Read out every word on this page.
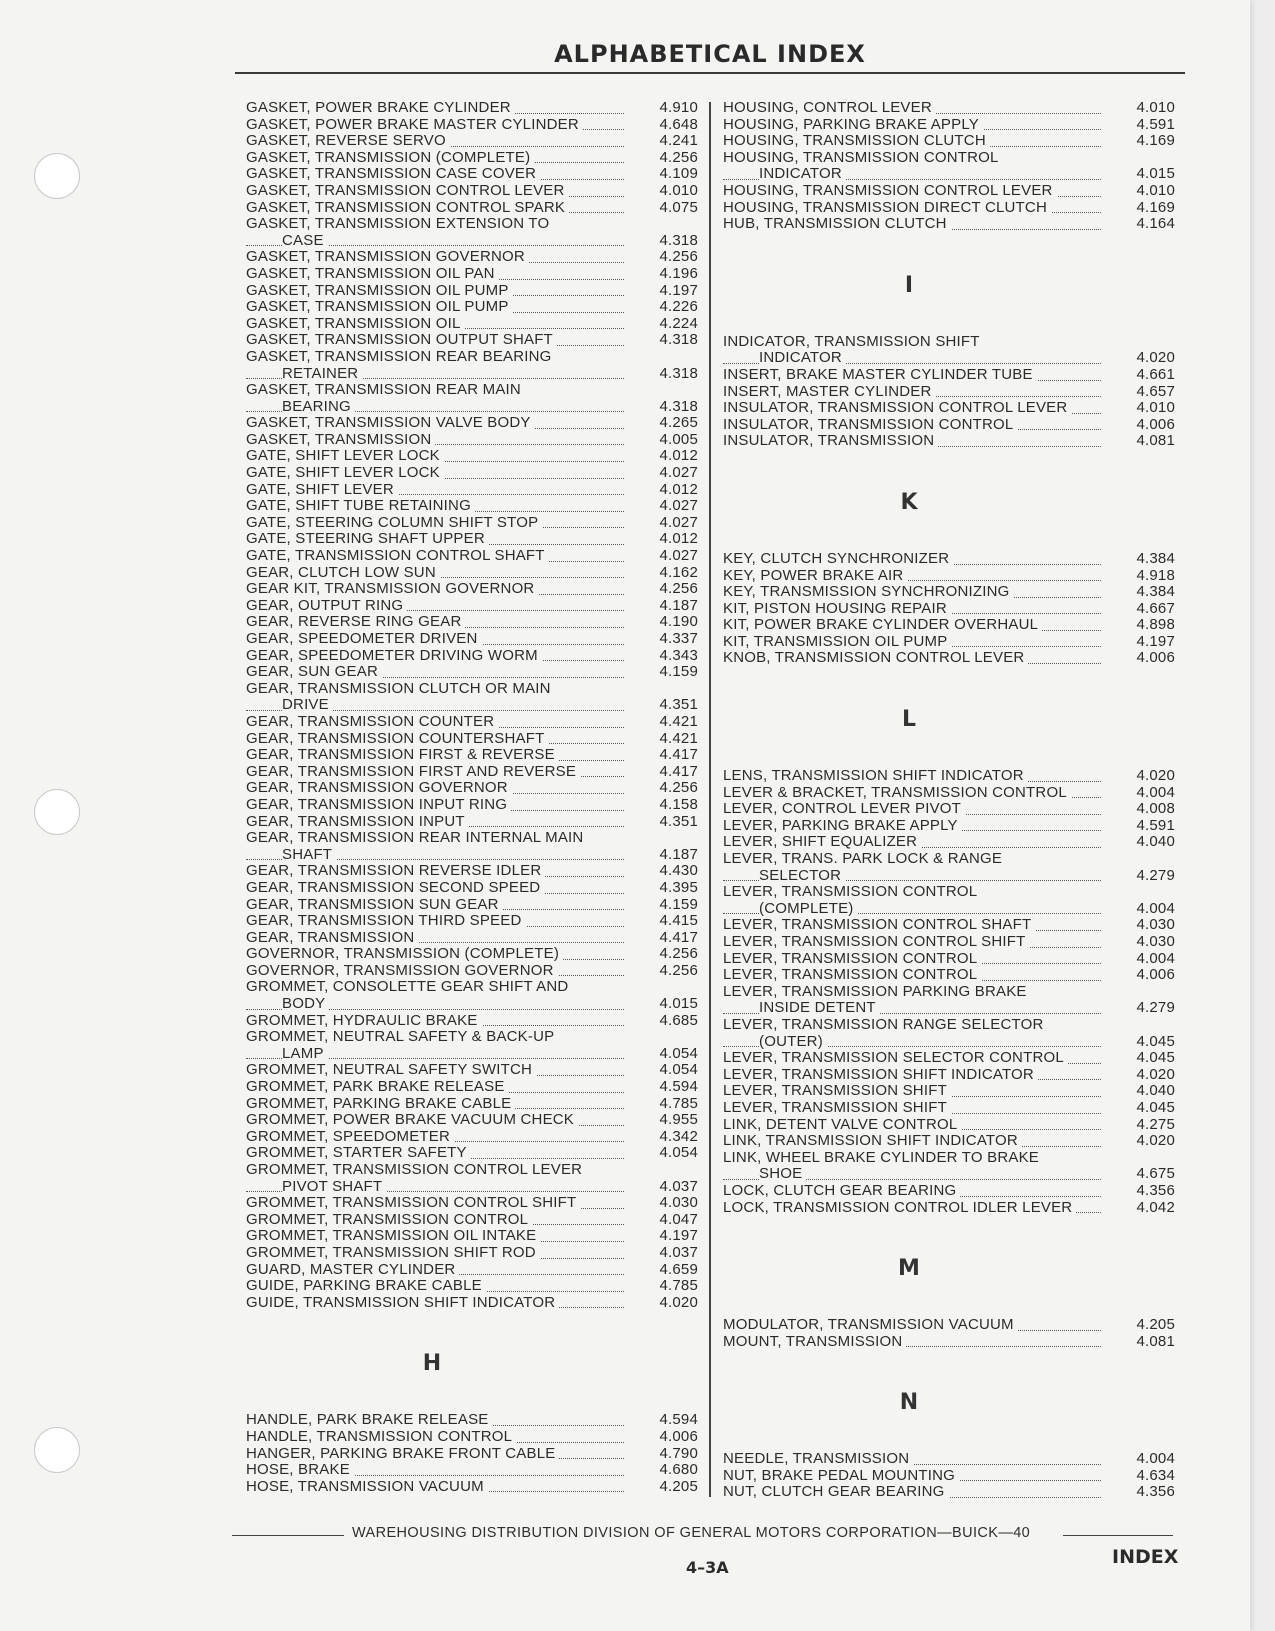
ALPHABETICAL INDEX
GASKET, POWER BRAKE CYLINDER	4.910
GASKET, POWER BRAKE MASTER CYLINDER	4.648
GASKET, REVERSE SERVO	4.241
GASKET, TRANSMISSION (COMPLETE)	4.256
GASKET, TRANSMISSION CASE COVER	4.109
GASKET, TRANSMISSION CONTROL LEVER	4.010
GASKET, TRANSMISSION CONTROL SPARK	4.075
GASKET, TRANSMISSION EXTENSION TO
CASE	4.318
GASKET, TRANSMISSION GOVERNOR	4.256
GASKET, TRANSMISSION OIL PAN	4.196
GASKET, TRANSMISSION OIL PUMP	4.197
GASKET, TRANSMISSION OIL PUMP	4.226
GASKET, TRANSMISSION OIL	4.224
GASKET, TRANSMISSION OUTPUT SHAFT	4.318
GASKET, TRANSMISSION REAR BEARING
RETAINER	4.318
GASKET, TRANSMISSION REAR MAIN
BEARING	4.318
GASKET, TRANSMISSION VALVE BODY	4.265
GASKET, TRANSMISSION	4.005
GATE, SHIFT LEVER LOCK	4.012
GATE, SHIFT LEVER LOCK	4.027
GATE, SHIFT LEVER	4.012
GATE, SHIFT TUBE RETAINING	4.027
GATE, STEERING COLUMN SHIFT STOP	4.027
GATE, STEERING SHAFT UPPER	4.012
GATE, TRANSMISSION CONTROL SHAFT	4.027
GEAR, CLUTCH LOW SUN	4.162
GEAR KIT, TRANSMISSION GOVERNOR	4.256
GEAR, OUTPUT RING	4.187
GEAR, REVERSE RING GEAR	4.190
GEAR, SPEEDOMETER DRIVEN	4.337
GEAR, SPEEDOMETER DRIVING WORM	4.343
GEAR, SUN GEAR	4.159
GEAR, TRANSMISSION CLUTCH OR MAIN
DRIVE	4.351
GEAR, TRANSMISSION COUNTER	4.421
GEAR, TRANSMISSION COUNTERSHAFT	4.421
GEAR, TRANSMISSION FIRST & REVERSE	4.417
GEAR, TRANSMISSION FIRST AND REVERSE	4.417
GEAR, TRANSMISSION GOVERNOR	4.256
GEAR, TRANSMISSION INPUT RING	4.158
GEAR, TRANSMISSION INPUT	4.351
GEAR, TRANSMISSION REAR INTERNAL MAIN
SHAFT	4.187
GEAR, TRANSMISSION REVERSE IDLER	4.430
GEAR, TRANSMISSION SECOND SPEED	4.395
GEAR, TRANSMISSION SUN GEAR	4.159
GEAR, TRANSMISSION THIRD SPEED	4.415
GEAR, TRANSMISSION	4.417
GOVERNOR, TRANSMISSION (COMPLETE)	4.256
GOVERNOR, TRANSMISSION GOVERNOR	4.256
GROMMET, CONSOLETTE GEAR SHIFT AND
BODY	4.015
GROMMET, HYDRAULIC BRAKE	4.685
GROMMET, NEUTRAL SAFETY & BACK-UP
LAMP	4.054
GROMMET, NEUTRAL SAFETY SWITCH	4.054
GROMMET, PARK BRAKE RELEASE	4.594
GROMMET, PARKING BRAKE CABLE	4.785
GROMMET, POWER BRAKE VACUUM CHECK	4.955
GROMMET, SPEEDOMETER	4.342
GROMMET, STARTER SAFETY	4.054
GROMMET, TRANSMISSION CONTROL LEVER
PIVOT SHAFT	4.037
GROMMET, TRANSMISSION CONTROL SHIFT	4.030
GROMMET, TRANSMISSION CONTROL	4.047
GROMMET, TRANSMISSION OIL INTAKE	4.197
GROMMET, TRANSMISSION SHIFT ROD	4.037
GUARD, MASTER CYLINDER	4.659
GUIDE, PARKING BRAKE CABLE	4.785
GUIDE, TRANSMISSION SHIFT INDICATOR	4.020
H
HANDLE, PARK BRAKE RELEASE	4.594
HANDLE, TRANSMISSION CONTROL	4.006
HANGER, PARKING BRAKE FRONT CABLE	4.790
HOSE, BRAKE	4.680
HOSE, TRANSMISSION VACUUM	4.205
HOUSING, CONTROL LEVER	4.010
HOUSING, PARKING BRAKE APPLY	4.591
HOUSING, TRANSMISSION CLUTCH	4.169
HOUSING, TRANSMISSION CONTROL
INDICATOR	4.015
HOUSING, TRANSMISSION CONTROL LEVER	4.010
HOUSING, TRANSMISSION DIRECT CLUTCH	4.169
HUB, TRANSMISSION CLUTCH	4.164
I
INDICATOR, TRANSMISSION SHIFT
INDICATOR	4.020
INSERT, BRAKE MASTER CYLINDER TUBE	4.661
INSERT, MASTER CYLINDER	4.657
INSULATOR, TRANSMISSION CONTROL LEVER	4.010
INSULATOR, TRANSMISSION CONTROL	4.006
INSULATOR, TRANSMISSION	4.081
K
KEY, CLUTCH SYNCHRONIZER	4.384
KEY, POWER BRAKE AIR	4.918
KEY, TRANSMISSION SYNCHRONIZING	4.384
KIT, PISTON HOUSING REPAIR	4.667
KIT, POWER BRAKE CYLINDER OVERHAUL	4.898
KIT, TRANSMISSION OIL PUMP	4.197
KNOB, TRANSMISSION CONTROL LEVER	4.006
L
LENS, TRANSMISSION SHIFT INDICATOR	4.020
LEVER & BRACKET, TRANSMISSION CONTROL	4.004
LEVER, CONTROL LEVER PIVOT	4.008
LEVER, PARKING BRAKE APPLY	4.591
LEVER, SHIFT EQUALIZER	4.040
LEVER, TRANS. PARK LOCK & RANGE
SELECTOR	4.279
LEVER, TRANSMISSION CONTROL
(COMPLETE)	4.004
LEVER, TRANSMISSION CONTROL SHAFT	4.030
LEVER, TRANSMISSION CONTROL SHIFT	4.030
LEVER, TRANSMISSION CONTROL	4.004
LEVER, TRANSMISSION CONTROL	4.006
LEVER, TRANSMISSION PARKING BRAKE
INSIDE DETENT	4.279
LEVER, TRANSMISSION RANGE SELECTOR
(OUTER)	4.045
LEVER, TRANSMISSION SELECTOR CONTROL	4.045
LEVER, TRANSMISSION SHIFT INDICATOR	4.020
LEVER, TRANSMISSION SHIFT	4.040
LEVER, TRANSMISSION SHIFT	4.045
LINK, DETENT VALVE CONTROL	4.275
LINK, TRANSMISSION SHIFT INDICATOR	4.020
LINK, WHEEL BRAKE CYLINDER TO BRAKE
SHOE	4.675
LOCK, CLUTCH GEAR BEARING	4.356
LOCK, TRANSMISSION CONTROL IDLER LEVER	4.042
M
MODULATOR, TRANSMISSION VACUUM	4.205
MOUNT, TRANSMISSION	4.081
N
NEEDLE, TRANSMISSION	4.004
NUT, BRAKE PEDAL MOUNTING	4.634
NUT, CLUTCH GEAR BEARING	4.356
WAREHOUSING DISTRIBUTION DIVISION OF GENERAL MOTORS CORPORATION—BUICK—40
4–3A	INDEX
